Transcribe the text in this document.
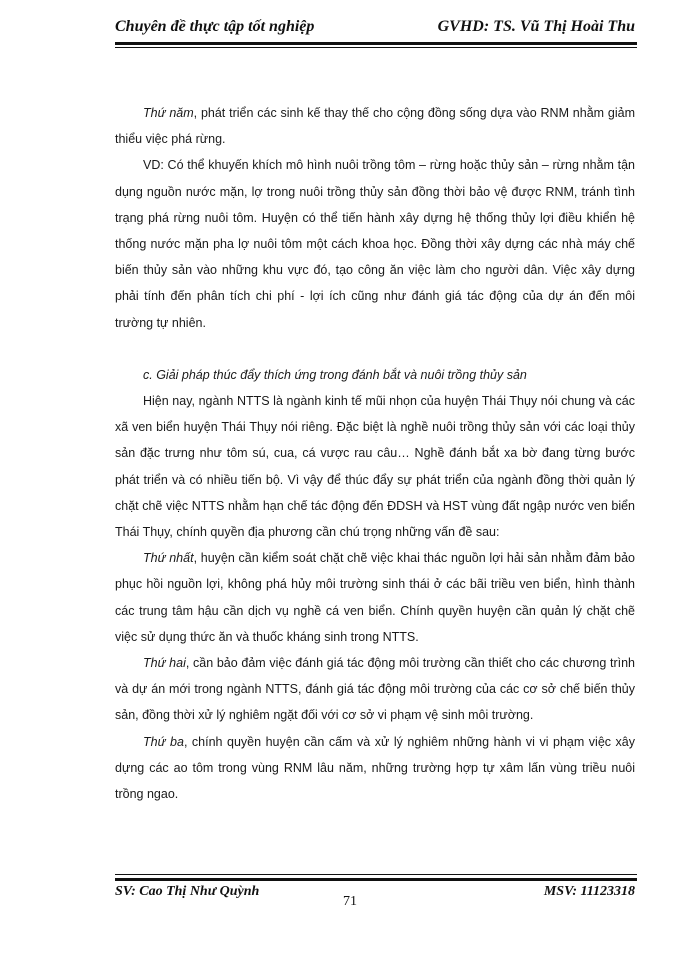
Chuyên đề thực tập tốt nghiệp	GVHD: TS. Vũ Thị Hoài Thu

Thứ năm, phát triển các sinh kế thay thế cho cộng đồng sống dựa vào RNM nhằm giảm thiểu việc phá rừng.

VD: Có thể khuyến khích mô hình nuôi trồng tôm – rừng hoặc thủy sản – rừng nhằm tận dụng nguồn nước mặn, lợ trong nuôi trồng thủy sản đồng thời bảo vệ được RNM, tránh tình trạng phá rừng nuôi tôm. Huyện có thể tiến hành xây dựng hệ thống thủy lợi điều khiển hệ thống nước mặn pha lợ nuôi tôm một cách khoa học. Đồng thời xây dựng các nhà máy chế biến thủy sản vào những khu vực đó, tạo công ăn việc làm cho người dân. Việc xây dựng phải tính đến phân tích chi phí - lợi ích cũng như đánh giá tác động của dự án đến môi trường tự nhiên.

c. Giải pháp thúc đẩy thích ứng trong đánh bắt và nuôi trồng thủy sản

Hiện nay, ngành NTTS là ngành kinh tế mũi nhọn của huyện Thái Thụy nói chung và các xã ven biển huyện Thái Thụy nói riêng. Đặc biệt là nghề nuôi trồng thủy sản với các loại thủy sản đặc trưng như tôm sú, cua, cá vược rau câu… Nghề đánh bắt xa bờ đang từng bước phát triển và có nhiều tiến bộ. Vì vậy để thúc đẩy sự phát triển của ngành đồng thời quản lý chặt chẽ việc NTTS nhằm hạn chế tác động đến ĐDSH và HST vùng đất ngập nước ven biển Thái Thụy, chính quyền địa phương cần chú trọng những vấn đề sau:

Thứ nhất, huyện cần kiểm soát chặt chẽ việc khai thác nguồn lợi hải sản nhằm đảm bảo phục hồi nguồn lợi, không phá hủy môi trường sinh thái ở các bãi triều ven biển, hình thành các trung tâm hậu cần dịch vụ nghề cá ven biển. Chính quyền huyện cần quản lý chặt chẽ việc sử dụng thức ăn và thuốc kháng sinh trong NTTS.

Thứ hai, cần bảo đảm việc đánh giá tác động môi trường cần thiết cho các chương trình và dự án mới trong ngành NTTS, đánh giá tác động môi trường của các cơ sở chế biến thủy sản, đồng thời xử lý nghiêm ngặt đối với cơ sở vi phạm vệ sinh môi trường.

Thứ ba, chính quyền huyện cần cấm và xử lý nghiêm những hành vi vi phạm việc xây dựng các ao tôm trong vùng RNM lâu năm, những trường hợp tự xâm lấn vùng triều nuôi trồng ngao.

SV: Cao Thị Như Quỳnh	MSV: 11123318
71
